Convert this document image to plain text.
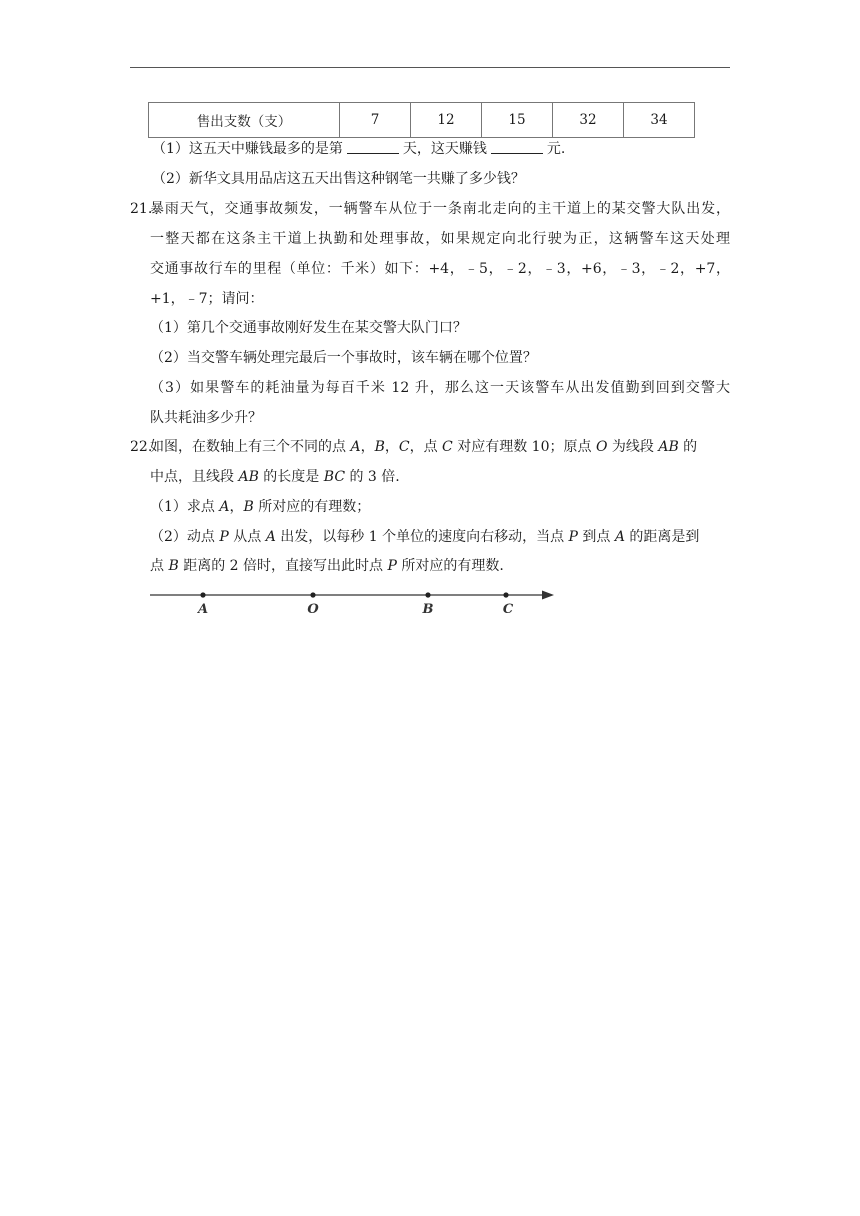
售出支数（支）	7	12	15	32	34
（1）这五天中赚钱最多的是第	天，这天赚钱	元.
（2）新华文具用品店这五天出售这种钢笔一共赚了多少钱？
21.
暴雨天气，交通事故频发，一辆警车从位于一条南北走向的主干道上的某交警大队出发，
一整天都在这条主干道上执勤和处理事故，如果规定向北行驶为正，这辆警车这天处理
交通事故行车的里程（单位：千米）如下：+4，﹣5，﹣2，﹣3，+6，﹣3，﹣2，+7，
+1，﹣7；请问：
（1）第几个交通事故刚好发生在某交警大队门口？
（2）当交警车辆处理完最后一个事故时，该车辆在哪个位置？
（3）如果警车的耗油量为每百千米 12 升，那么这一天该警车从出发值勤到回到交警大
队共耗油多少升？
22.
如图，在数轴上有三个不同的点 A，B，C，点 C 对应有理数 10；原点 O 为线段 AB 的
中点，且线段 AB 的长度是 BC 的 3 倍.
（1）求点 A，B 所对应的有理数；
（2）动点 P 从点 A 出发，以每秒 1 个单位的速度向右移动，当点 P 到点 A 的距离是到
点 B 距离的 2 倍时，直接写出此时点 P 所对应的有理数.
A	O	B	C
